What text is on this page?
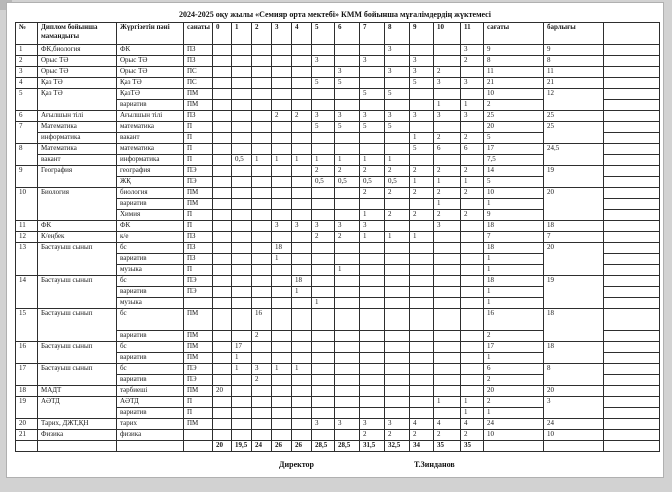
2024-2025 оқу жылы «Семияр орта мектебі» КММ бойынша мұғалімдердің жүктемесі
№	Диплом бойынша мамандығы	Жүргізетін пәні	санаты	0	1	2	3	4	5	6	7	8	9	10	11	сағаты	барлығы	
1	ФК,биология	ФК	ПЗ									3			3	9	9	
2	Орыс ТӘ	Орыс ТӘ	ПЗ						3		3		3		2	8	8	
3	Орыс ТӘ	Орыс ТӘ	ПС							3		3	3	2		11	11	
4	Қаз ТӘ	Қаз ТӘ	ПС						5	5			5	3	3	21	21	
5	Қаз ТӘ	ҚазТӘ	ПМ								5	5				10	12	
		вариатив	ПМ											1	1	2		
6	Ағылшын тілі	Ағылшын тілі	ПЗ				2	2	3	3	3	3	3	3	3	25	25	
7	Математика	математика	П						5	5	5	5				20	25	
	информатика	вакант	П										1	2	2	5		
8	Математика	математика	П										5	6	6	17	24,5	
	вакант	информатика	П		0,5	1	1	1	1	1	1	1				7,5		
9	География	география	ПЭ						2	2	2	2	2	2	2	14	19	
		ЖҚ	ПЭ						0,5	0,5	0,5	0,5	1	1	1	5		
10	Биология	биология	ПМ								2	2	2	2	2	10	20	
		вариатив	ПМ											1		1		
		Химия	П								1	2	2	2	2	9		
11	ФК	ФК	П				3	3	3	3	3			3		18	18	
12	К/еңбек	к/е	ПЗ						2	2	1	1	1			7	7	
13	Бастауыш сынып	бс	ПЗ				18									18	20	
		вариатив	ПЗ				1									1		
		музыка	П							1						1		
14	Бастауыш сынып	бс	ПЭ					18								18	19	
		вариатив	ПЭ					1								1		
		музыка							1							1		
15	Бастауыш сынып	бс	ПМ			16										16	18	
		вариатив	ПМ			2										2		
16	Бастауыш сынып	бс	ПМ		17											17	18	
		вариатив	ПМ		1											1		
17	Бастауыш сынып	бс	ПЭ		1	3	1	1								6	8	
		вариатив	ПЭ			2										2		
18	МАДТ	тәрбиеші	ПМ	20												20	20	
19	АӘТД	АӘТД	П											1	1	2	3	
		вариатив	П												1	1		
20	Тарих, ДЖТ,ҚН	тарих	ПМ						3	3	3	3	4	4	4	24	24	
21	Физика	физика									2	2	2	2	2	10	10	
				20	19,5	24	26	26	28,5	28,5	31,5	32,5	34	35	35			
Директор	Т.Зинданов
